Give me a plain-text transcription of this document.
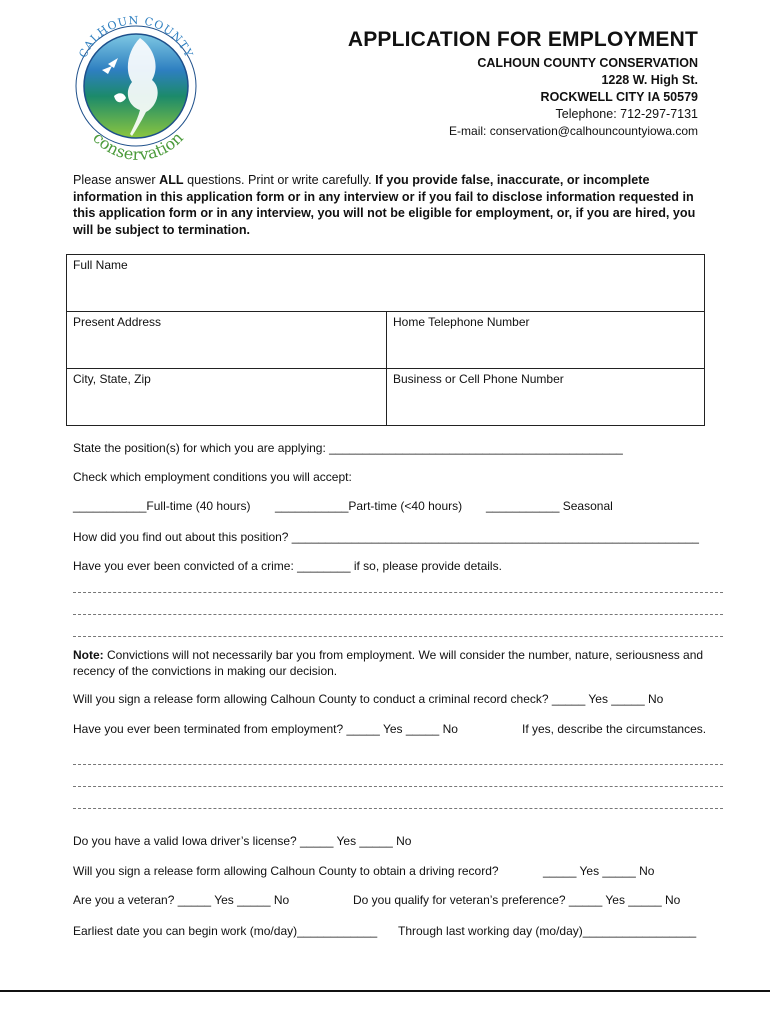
CALHOUN COUNTY
conservation
APPLICATION FOR EMPLOYMENT
CALHOUN COUNTY CONSERVATION
1228 W. High St.
ROCKWELL CITY IA 50579
Telephone: 712-297-7131
E-mail: conservation@calhouncountyiowa.com
Please answer ALL questions. Print or write carefully. If you provide false, inaccurate, or incomplete information in this application form or in any interview or if you fail to disclose information requested in this application form or in any interview, you will not be eligible for employment, or, if you are hired, you will be subject to termination.
Full Name	
Present Address	Home Telephone Number
City, State, Zip	Business or Cell Phone Number
State the position(s) for which you are applying: ____________________________________________
Check which employment conditions you will accept:
___________Full-time (40 hours) ___________Part-time (<40 hours) ___________ Seasonal
How did you find out about this position? _____________________________________________________________
Have you ever been convicted of a crime: ________ if so, please provide details.
Note: Convictions will not necessarily bar you from employment. We will consider the number, nature, seriousness and recency of the convictions in making our decision.
Will you sign a release form allowing Calhoun County to conduct a criminal record check? _____ Yes _____ No
Have you ever been terminated from employment? _____ Yes _____ No	If yes, describe the circumstances.
Do you have a valid Iowa driver’s license? _____ Yes _____ No
Will you sign a release form allowing Calhoun County to obtain a driving record?	_____ Yes _____ No
Are you a veteran? _____ Yes _____ No	Do you qualify for veteran’s preference? _____ Yes _____ No
Earliest date you can begin work (mo/day)____________ Through last working day (mo/day)_________________
